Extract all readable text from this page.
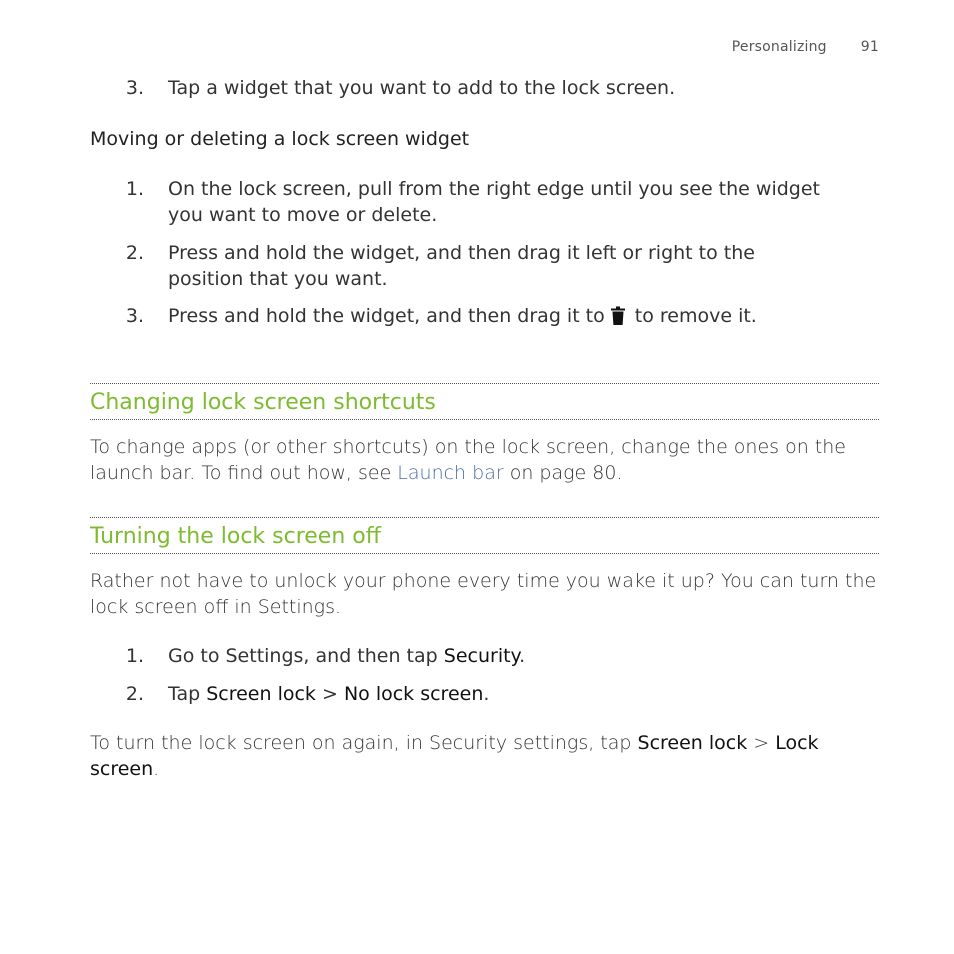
Personalizing 91
3. Tap a widget that you want to add to the lock screen.
Moving or deleting a lock screen widget
1. On the lock screen, pull from the right edge until you see the widget you want to move or delete.
2. Press and hold the widget, and then drag it left or right to the position that you want.
3. Press and hold the widget, and then drag it to to remove it.
Changing lock screen shortcuts
To change apps (or other shortcuts) on the lock screen, change the ones on the launch bar. To find out how, see Launch bar on page 80.
Turning the lock screen off
Rather not have to unlock your phone every time you wake it up? You can turn the lock screen off in Settings.
1. Go to Settings, and then tap Security.
2. Tap Screen lock > No lock screen.
To turn the lock screen on again, in Security settings, tap Screen lock > Lock screen.
